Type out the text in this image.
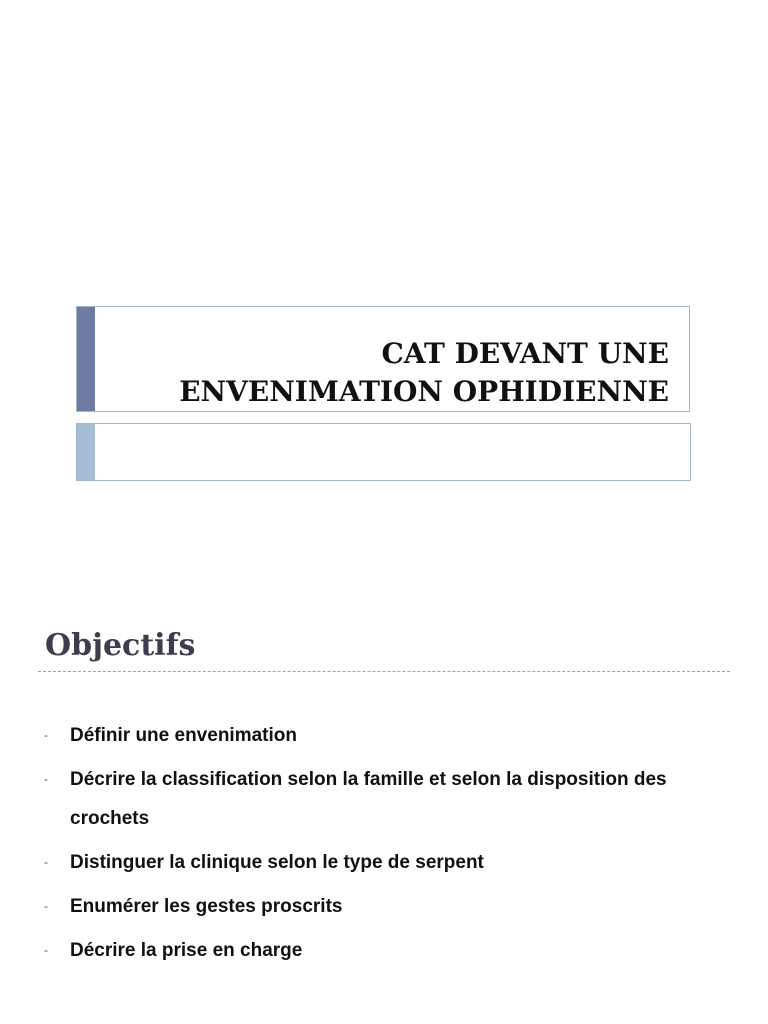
CAT DEVANT UNE
ENVENIMATION OPHIDIENNE
Objectifs
- Définir une envenimation
- Décrire la classification selon la famille et selon la disposition des crochets
- Distinguer la clinique selon le type de serpent
- Enumérer les gestes proscrits
- Décrire la prise en charge
